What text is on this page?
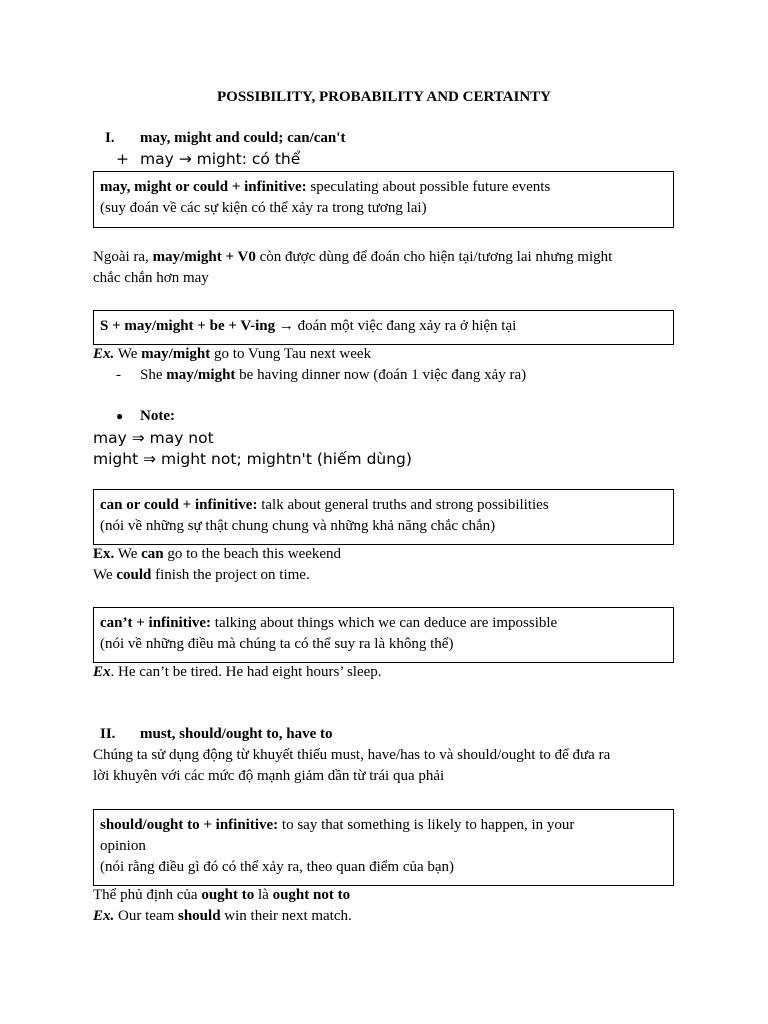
POSSIBILITY, PROBABILITY AND CERTAINTY
I. may, might and could; can/can't
+ may → might: có thể
may, might or could + infinitive: speculating about possible future events
(suy đoán về các sự kiện có thể xảy ra trong tương lai)
Ngoài ra, may/might + V0 còn được dùng để đoán cho hiện tại/tương lai nhưng might
chắc chắn hơn may
S + may/might + be + V-ing → đoán một việc đang xảy ra ở hiện tại
Ex. We may/might go to Vung Tau next week
- She may/might be having dinner now (đoán 1 việc đang xảy ra)
● Note:
may ⇒ may not
might ⇒ might not; mightn't (hiếm dùng)
can or could + infinitive: talk about general truths and strong possibilities
(nói về những sự thật chung chung và những khả năng chắc chắn)
Ex. We can go to the beach this weekend
We could finish the project on time.
can’t + infinitive: talking about things which we can deduce are impossible
(nói về những điều mà chúng ta có thể suy ra là không thể)
Ex. He can’t be tired. He had eight hours’ sleep.
II. must, should/ought to, have to
Chúng ta sử dụng động từ khuyết thiếu must, have/has to và should/ought to để đưa ra
lời khuyên với các mức độ mạnh giảm dần từ trái qua phải
should/ought to + infinitive: to say that something is likely to happen, in your
opinion
(nói rằng điều gì đó có thể xảy ra, theo quan điểm của bạn)
Thể phủ định của ought to là ought not to
Ex. Our team should win their next match.
